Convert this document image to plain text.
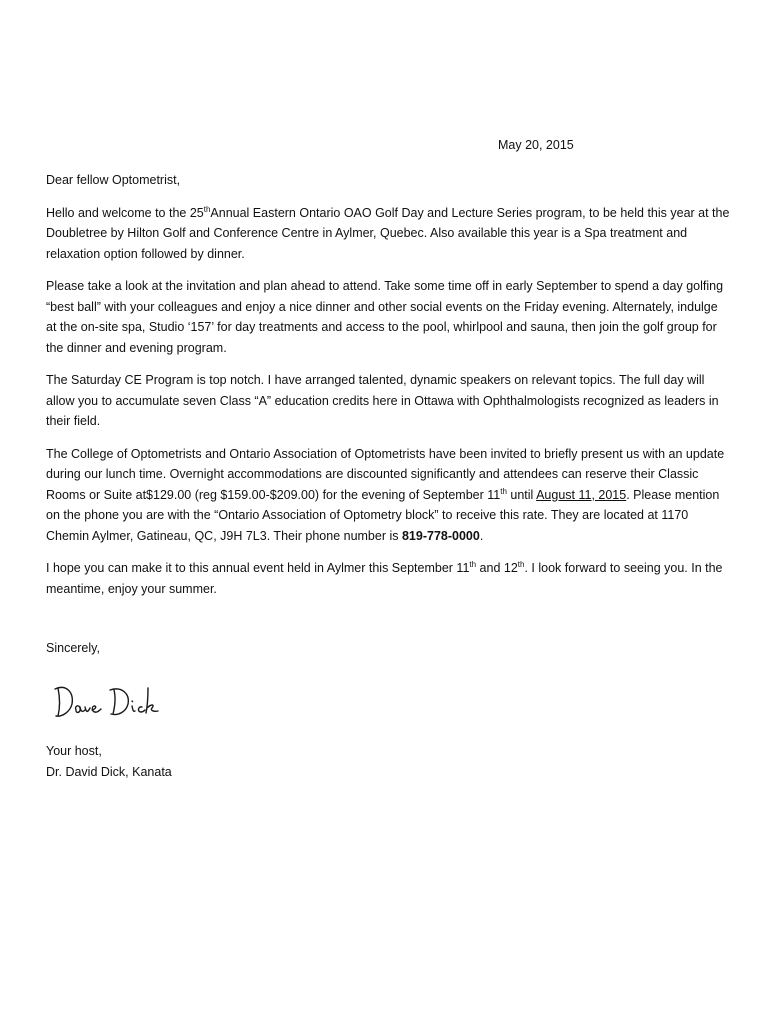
May 20, 2015

Dear fellow Optometrist,

Hello and welcome to the 25thAnnual Eastern Ontario OAO Golf Day and Lecture Series program, to be held this year at the Doubletree by Hilton Golf and Conference Centre in Aylmer, Quebec. Also available this year is a Spa treatment and relaxation option followed by dinner.

Please take a look at the invitation and plan ahead to attend. Take some time off in early September to spend a day golfing “best ball” with your colleagues and enjoy a nice dinner and other social events on the Friday evening. Alternately, indulge at the on-site spa, Studio ‘157’ for day treatments and access to the pool, whirlpool and sauna, then join the golf group for the dinner and evening program.

The Saturday CE Program is top notch. I have arranged talented, dynamic speakers on relevant topics. The full day will allow you to accumulate seven Class “A” education credits here in Ottawa with Ophthalmologists recognized as leaders in their field.

The College of Optometrists and Ontario Association of Optometrists have been invited to briefly present us with an update during our lunch time. Overnight accommodations are discounted significantly and attendees can reserve their Classic Rooms or Suite at$129.00 (reg $159.00-$209.00) for the evening of September 11th until August 11, 2015. Please mention on the phone you are with the “Ontario Association of Optometry block” to receive this rate. They are located at 1170 Chemin Aylmer, Gatineau, QC, J9H 7L3. Their phone number is 819-778-0000.

I hope you can make it to this annual event held in Aylmer this September 11th and 12th. I look forward to seeing you. In the meantime, enjoy your summer.

Sincerely,
Your host,
Dr. David Dick, Kanata
